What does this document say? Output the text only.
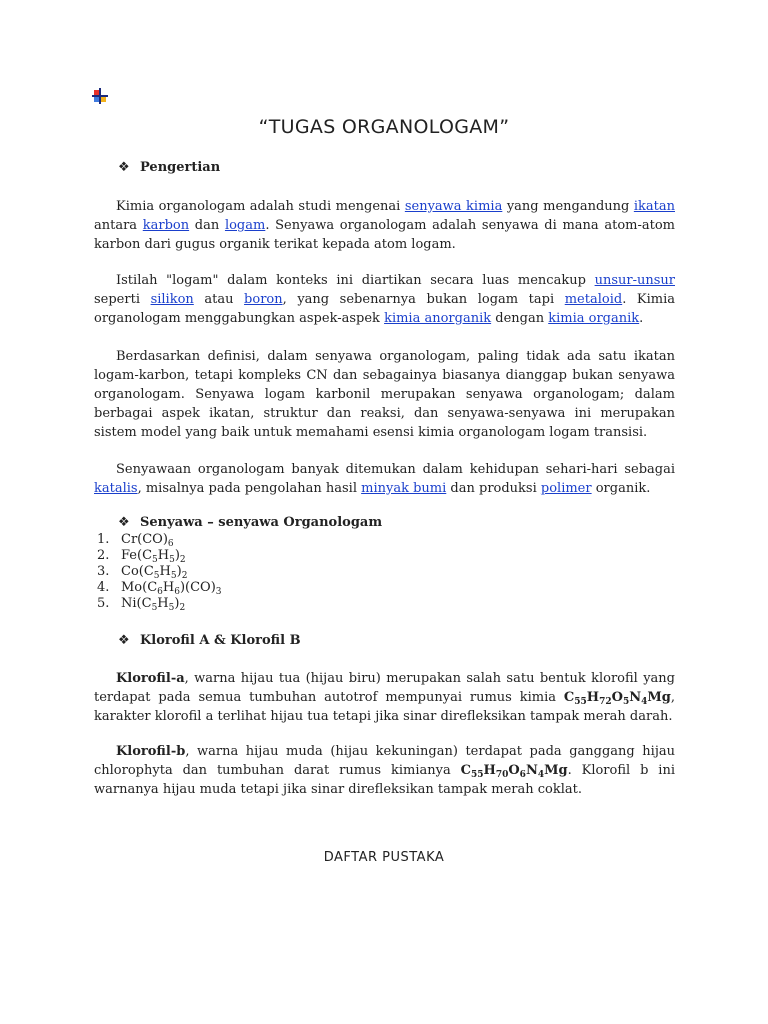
“TUGAS ORGANOLOGAM”
❖ Pengertian
Kimia organologam adalah studi mengenai senyawa kimia yang mengandung ikatan antara karbon dan logam. Senyawa organologam adalah senyawa di mana atom-atom karbon dari gugus organik terikat kepada atom logam.
Istilah "logam" dalam konteks ini diartikan secara luas mencakup unsur-unsur seperti silikon atau boron, yang sebenarnya bukan logam tapi metaloid. Kimia organologam menggabungkan aspek-aspek kimia anorganik dengan kimia organik.
Berdasarkan definisi, dalam senyawa organologam, paling tidak ada satu ikatan logam-karbon, tetapi kompleks CN dan sebagainya biasanya dianggap bukan senyawa organologam. Senyawa logam karbonil merupakan senyawa organologam; dalam berbagai aspek ikatan, struktur dan reaksi, dan senyawa-senyawa ini merupakan sistem model yang baik untuk memahami esensi kimia organologam logam transisi.
Senyawaan organologam banyak ditemukan dalam kehidupan sehari-hari sebagai katalis, misalnya pada pengolahan hasil minyak bumi dan produksi polimer organik.
❖ Senyawa – senyawa Organologam
1. $Cr(CO)_6$
2. $Fe(C_5H_5)_2$
3. $Co(C_5H_5)_2$
4. $Mo(C_6H_6)(CO)_3$
5. $Ni(C_5H_5)_2$
❖ Klorofil A & Klorofil B
Klorofil-a, warna hijau tua (hijau biru) merupakan salah satu bentuk klorofil yang terdapat pada semua tumbuhan autotrof mempunyai rumus kimia $C_{55}H_{72}O_5N_4Mg$, karakter klorofil a terlihat hijau tua tetapi jika sinar direfleksikan tampak merah darah.
Klorofil-b, warna hijau muda (hijau kekuningan) terdapat pada ganggang hijau chlorophyta dan tumbuhan darat rumus kimianya $C_{55}H_{70}O_6N_4Mg$. Klorofil b ini warnanya hijau muda tetapi jika sinar direfleksikan tampak merah coklat.
DAFTAR PUSTAKA
